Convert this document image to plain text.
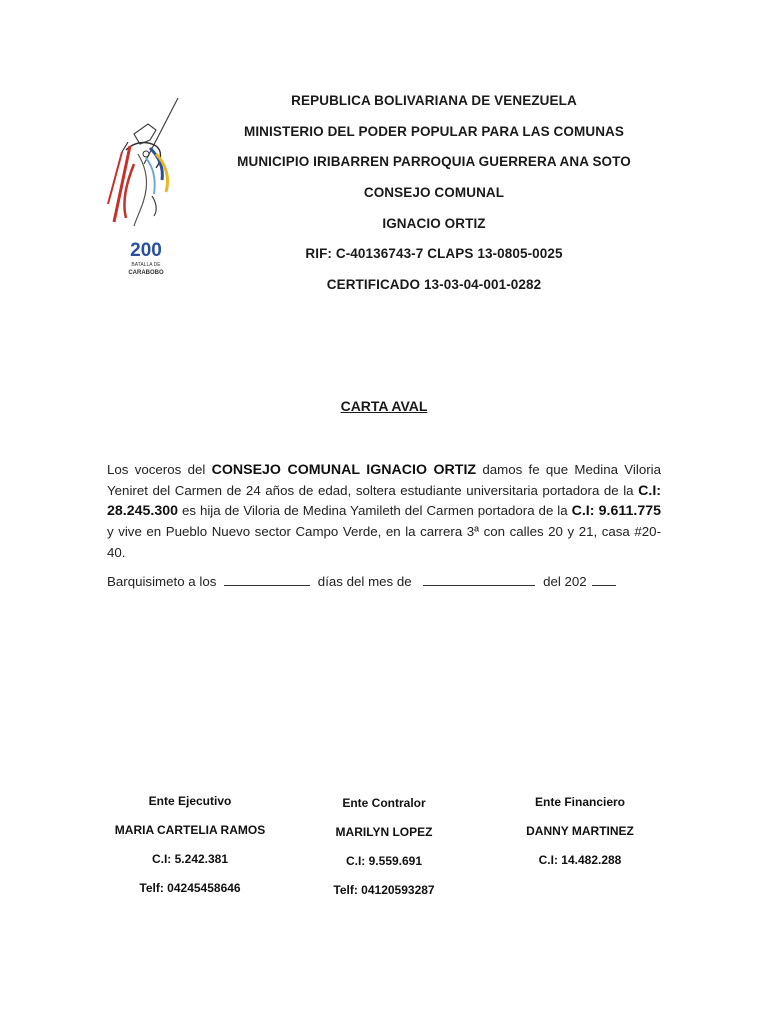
200
BATALLA DE
CARABOBO
REPUBLICA BOLIVARIANA DE VENEZUELA
MINISTERIO DEL PODER POPULAR PARA LAS COMUNAS
MUNICIPIO IRIBARREN PARROQUIA GUERRERA ANA SOTO
CONSEJO COMUNAL
IGNACIO ORTIZ
RIF: C-40136743-7 CLAPS 13-0805-0025
CERTIFICADO 13-03-04-001-0282
CARTA AVAL
Los voceros del CONSEJO COMUNAL IGNACIO ORTIZ damos fe que Medina Viloria Yeniret del Carmen de 24 años de edad, soltera estudiante universitaria portadora de la C.I: 28.245.300 es hija de Viloria de Medina Yamileth del Carmen portadora de la C.I: 9.611.775 y vive en Pueblo Nuevo sector Campo Verde, en la carrera 3ª con calles 20 y 21, casa #20-40.
Barquisimeto a los	días del mes de	del 202
Ente Ejecutivo
MARIA CARTELIA RAMOS
C.I: 5.242.381
Telf: 04245458646
Ente Contralor
MARILYN LOPEZ
C.I: 9.559.691
Telf: 04120593287
Ente Financiero
DANNY MARTINEZ
C.I: 14.482.288
